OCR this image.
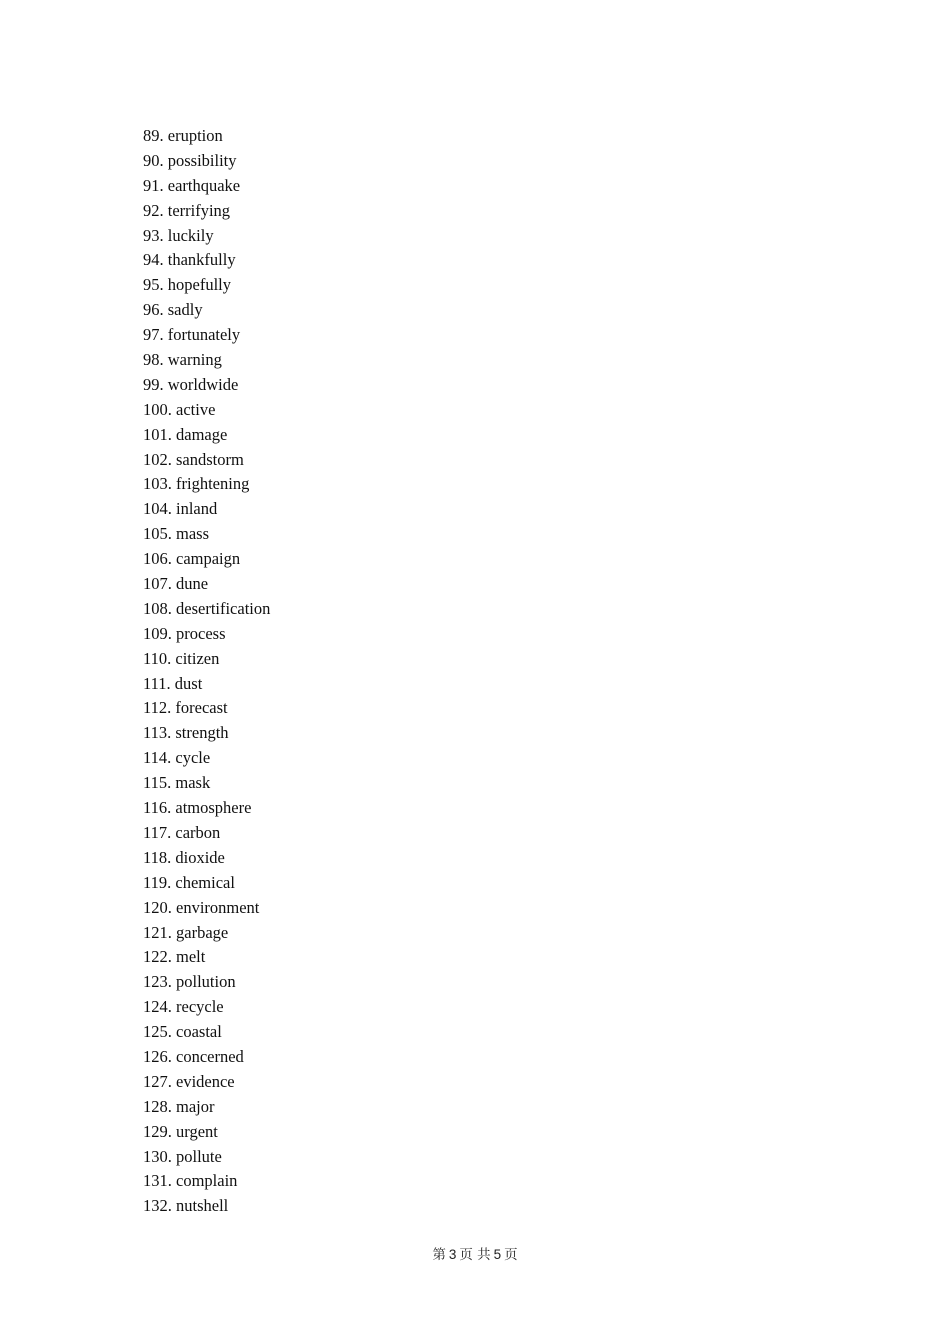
89. eruption
90. possibility
91. earthquake
92. terrifying
93. luckily
94. thankfully
95. hopefully
96. sadly
97. fortunately
98. warning
99. worldwide
100. active
101. damage
102. sandstorm
103. frightening
104. inland
105. mass
106. campaign
107. dune
108. desertification
109. process
110. citizen
111. dust
112. forecast
113. strength
114. cycle
115. mask
116. atmosphere
117. carbon
118. dioxide
119. chemical
120. environment
121. garbage
122. melt
123. pollution
124. recycle
125. coastal
126. concerned
127. evidence
128. major
129. urgent
130. pollute
131. complain
132. nutshell
第 3 页 共 5 页
